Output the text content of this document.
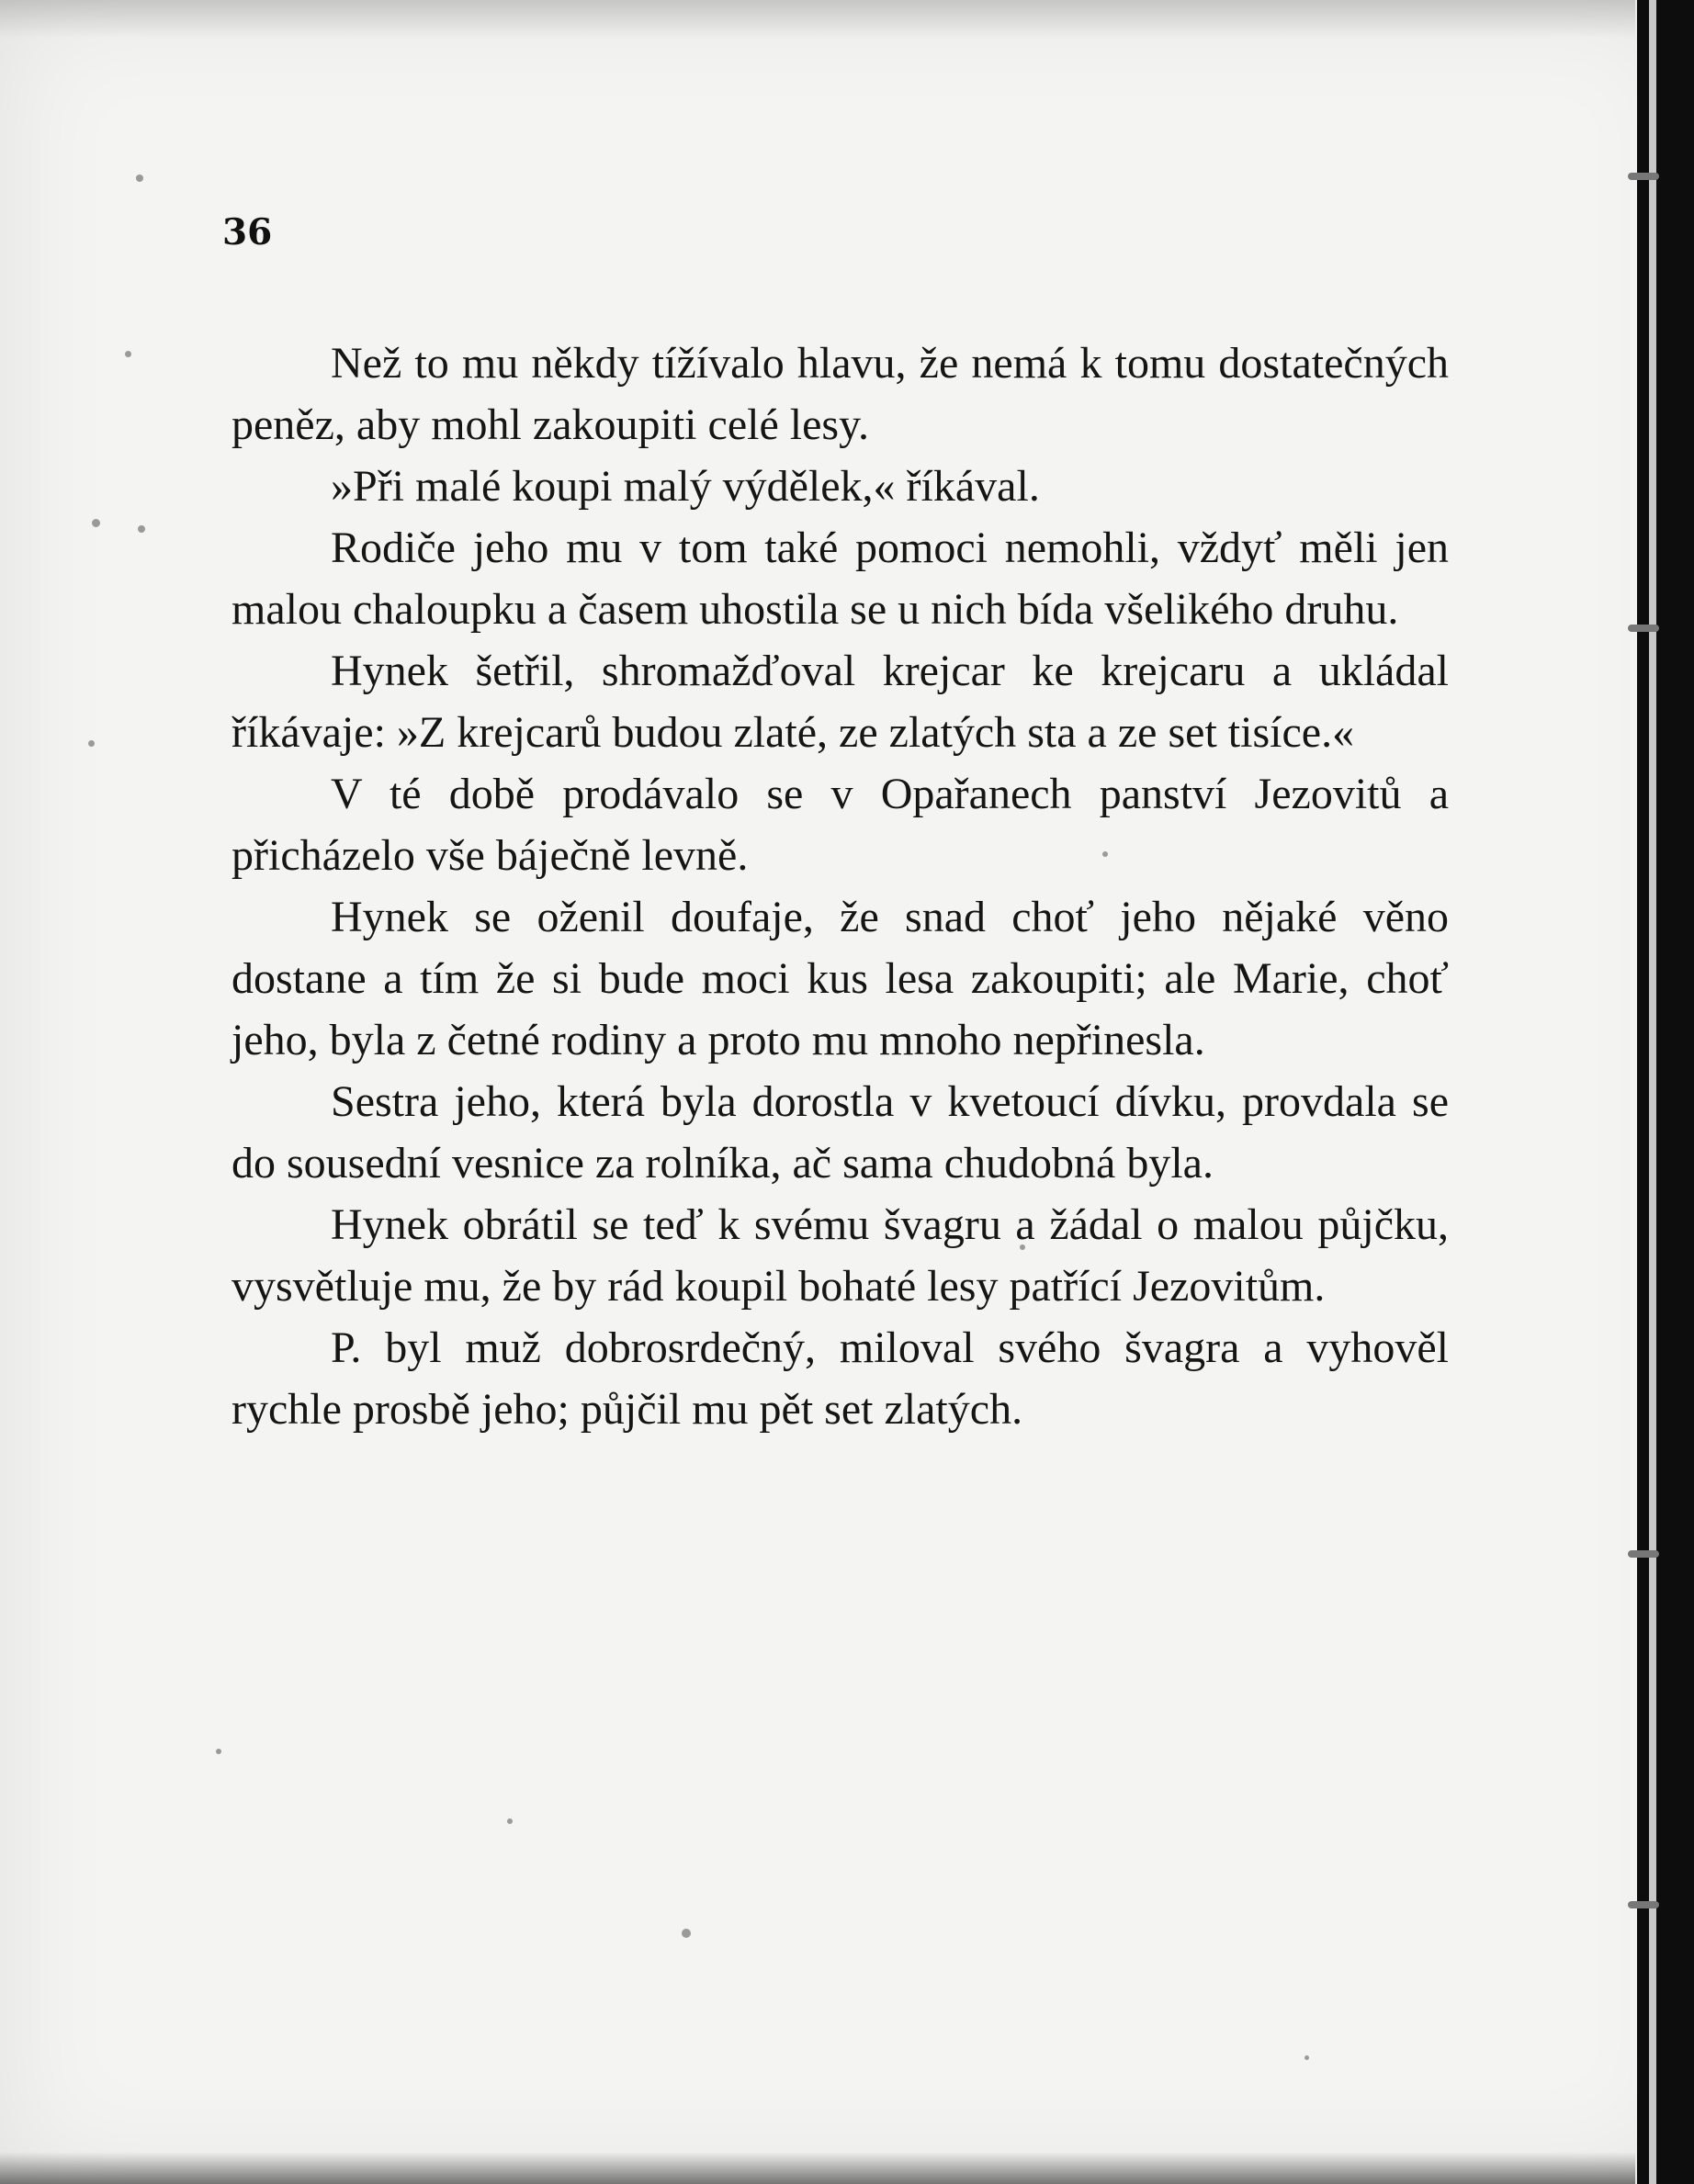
36

Než to mu někdy tížívalo hlavu, že nemá k tomu dostatečných peněz, aby mohl zakoupiti celé lesy.

»Při malé koupi malý výdělek,« říkával.

Rodiče jeho mu v tom také pomoci nemohli, vždyť měli jen malou chaloupku a časem uhostila se u nich bída všelikého druhu.

Hynek šetřil, shromažďoval krejcar ke krejcaru a ukládal říkávaje: »Z krejcarů budou zlaté, ze zlatých sta a ze set tisíce.«

V té době prodávalo se v Opařanech panství Jezovitů a přicházelo vše báječně levně.

Hynek se oženil doufaje, že snad choť jeho nějaké věno dostane a tím že si bude moci kus lesa zakoupiti; ale Marie, choť jeho, byla z četné rodiny a proto mu mnoho nepřinesla.

Sestra jeho, která byla dorostla v kvetoucí dívku, provdala se do sousední vesnice za rolníka, ač sama chudobná byla.

Hynek obrátil se teď k svému švagru a žádal o malou půjčku, vysvětluje mu, že by rád koupil bohaté lesy patřící Jezovitům.

P. byl muž dobrosrdečný, miloval svého švagra a vyhověl rychle prosbě jeho; půjčil mu pět set zlatých.
